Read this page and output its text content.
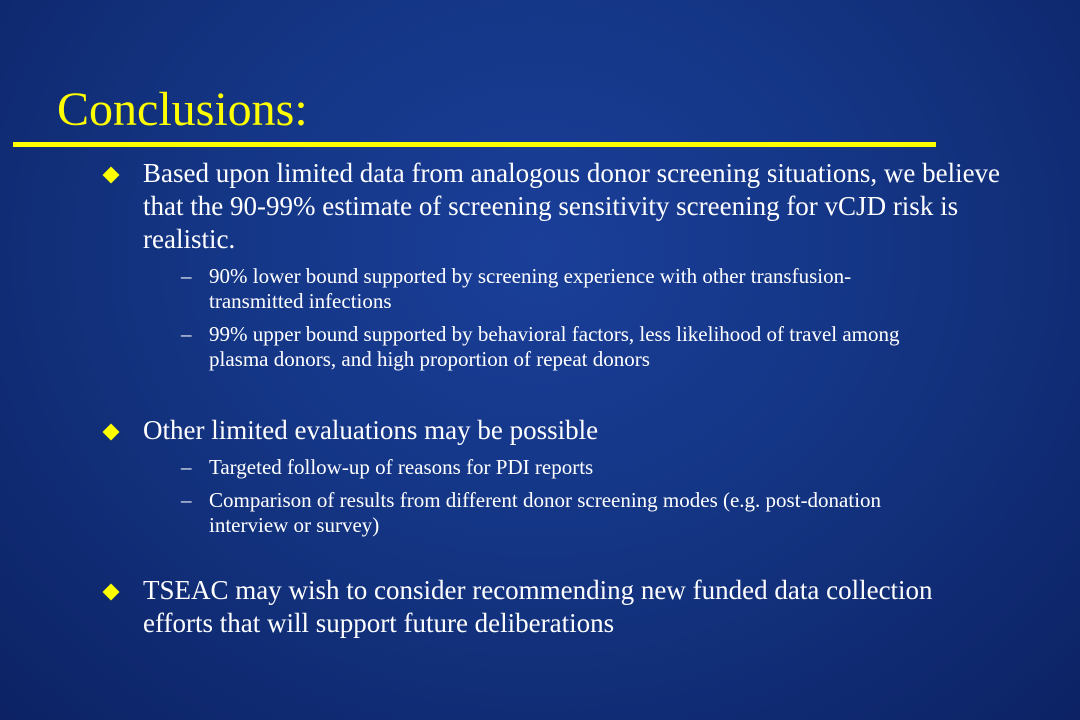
Conclusions:
Based upon limited data from analogous donor screening situations, we believe that the 90-99% estimate of screening sensitivity screening for vCJD risk is realistic.
– 90% lower bound supported by screening experience with other transfusion-transmitted infections
– 99% upper bound supported by behavioral factors, less likelihood of travel among plasma donors, and high proportion of repeat donors
Other limited evaluations may be possible
– Targeted follow-up of reasons for PDI reports
– Comparison of results from different donor screening modes (e.g. post-donation interview or survey)
TSEAC may wish to consider recommending new funded data collection efforts that will support future deliberations
